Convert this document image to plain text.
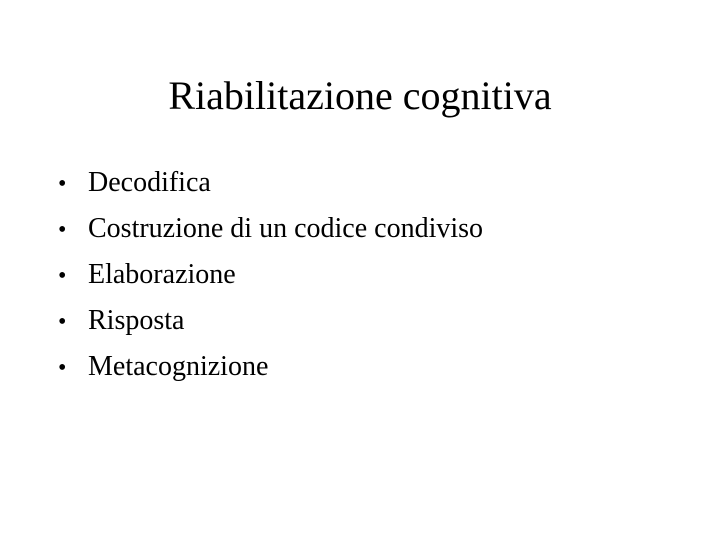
Riabilitazione cognitiva
• Decodifica
• Costruzione di un codice condiviso
• Elaborazione
• Risposta
• Metacognizione
